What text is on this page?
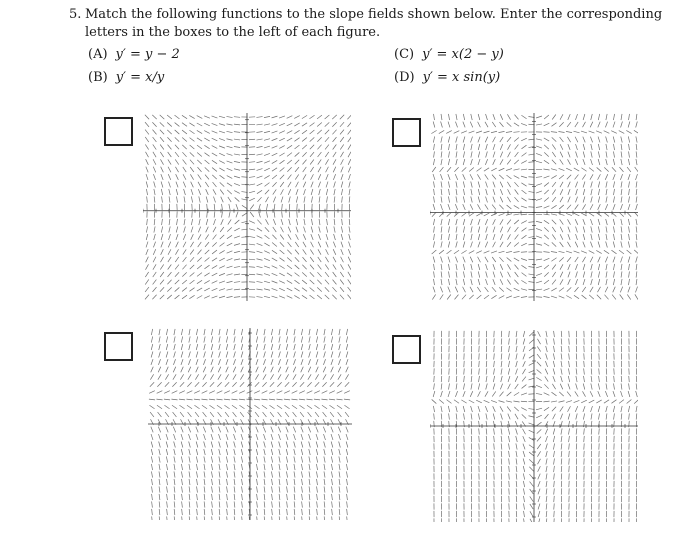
5. Match the following functions to the slope fields shown below. Enter the corresponding letters in the boxes to the left of each figure.
(A) y′ = y − 2
(B) y′ = x/y
(C) y′ = x(2 − y)
(D) y′ = x sin(y)
